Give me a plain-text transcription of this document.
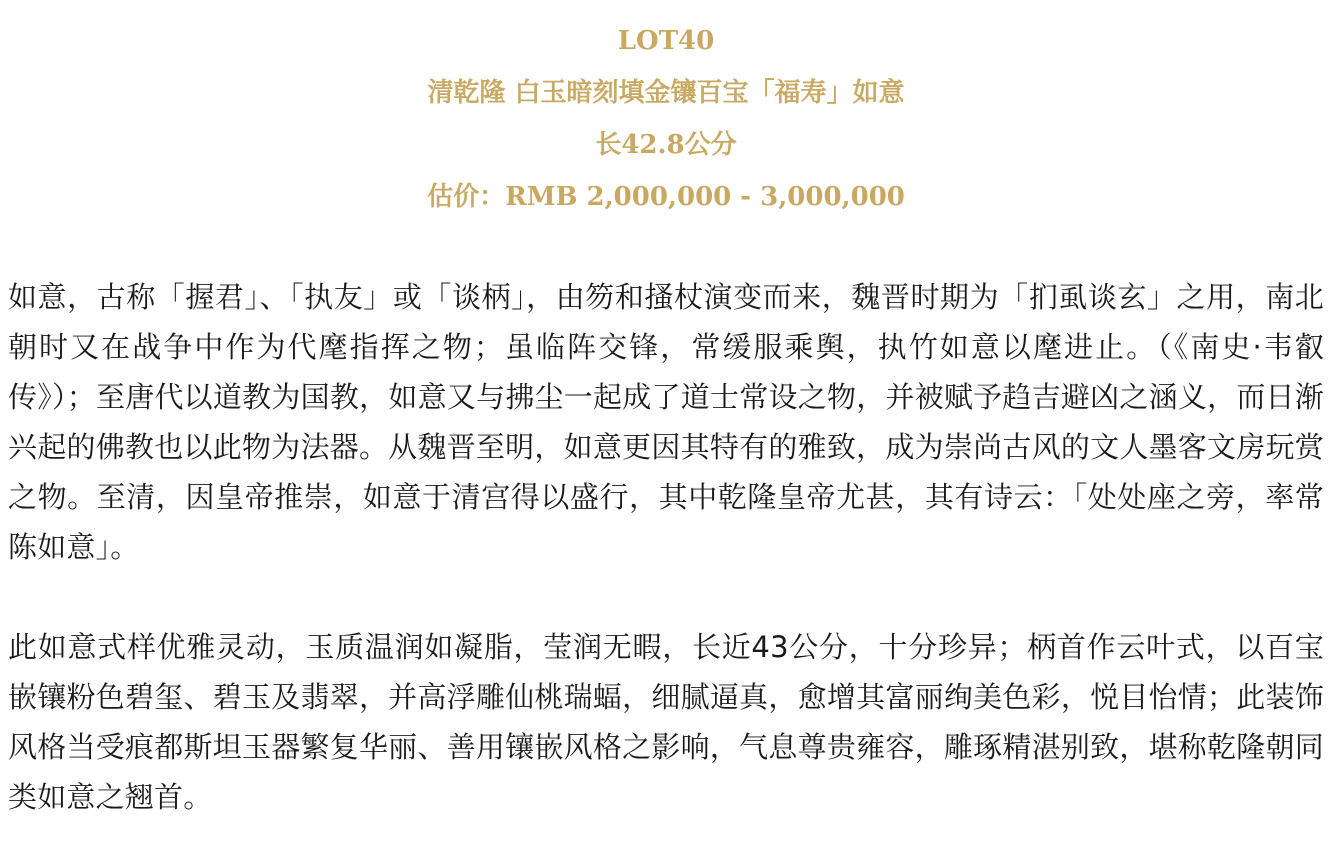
LOT40
清乾隆 白玉暗刻填金镶百宝「福寿」如意
长42.8公分
估价：RMB 2,000,000 - 3,000,000
如意，古称「握君」、「执友」或「谈柄」，由笏和搔杖演变而来，魏晋时期为「扪虱谈玄」之用，南北朝时又在战争中作为代麾指挥之物；虽临阵交锋，常缓服乘舆，执竹如意以麾进止。（《南史·韦叡传》）；至唐代以道教为国教，如意又与拂尘一起成了道士常设之物，并被赋予趋吉避凶之涵义，而日渐兴起的佛教也以此物为法器。从魏晋至明，如意更因其特有的雅致，成为崇尚古风的文人墨客文房玩赏之物。至清，因皇帝推崇，如意于清宫得以盛行，其中乾隆皇帝尤甚，其有诗云：「处处座之旁，率常陈如意」。
此如意式样优雅灵动，玉质温润如凝脂，莹润无暇，长近43公分，十分珍异；柄首作云叶式，以百宝嵌镶粉色碧玺、碧玉及翡翠，并高浮雕仙桃瑞蝠，细腻逼真，愈增其富丽绚美色彩，悦目怡情；此装饰风格当受痕都斯坦玉器繁复华丽、善用镶嵌风格之影响，气息尊贵雍容，雕琢精湛别致，堪称乾隆朝同类如意之翘首。
